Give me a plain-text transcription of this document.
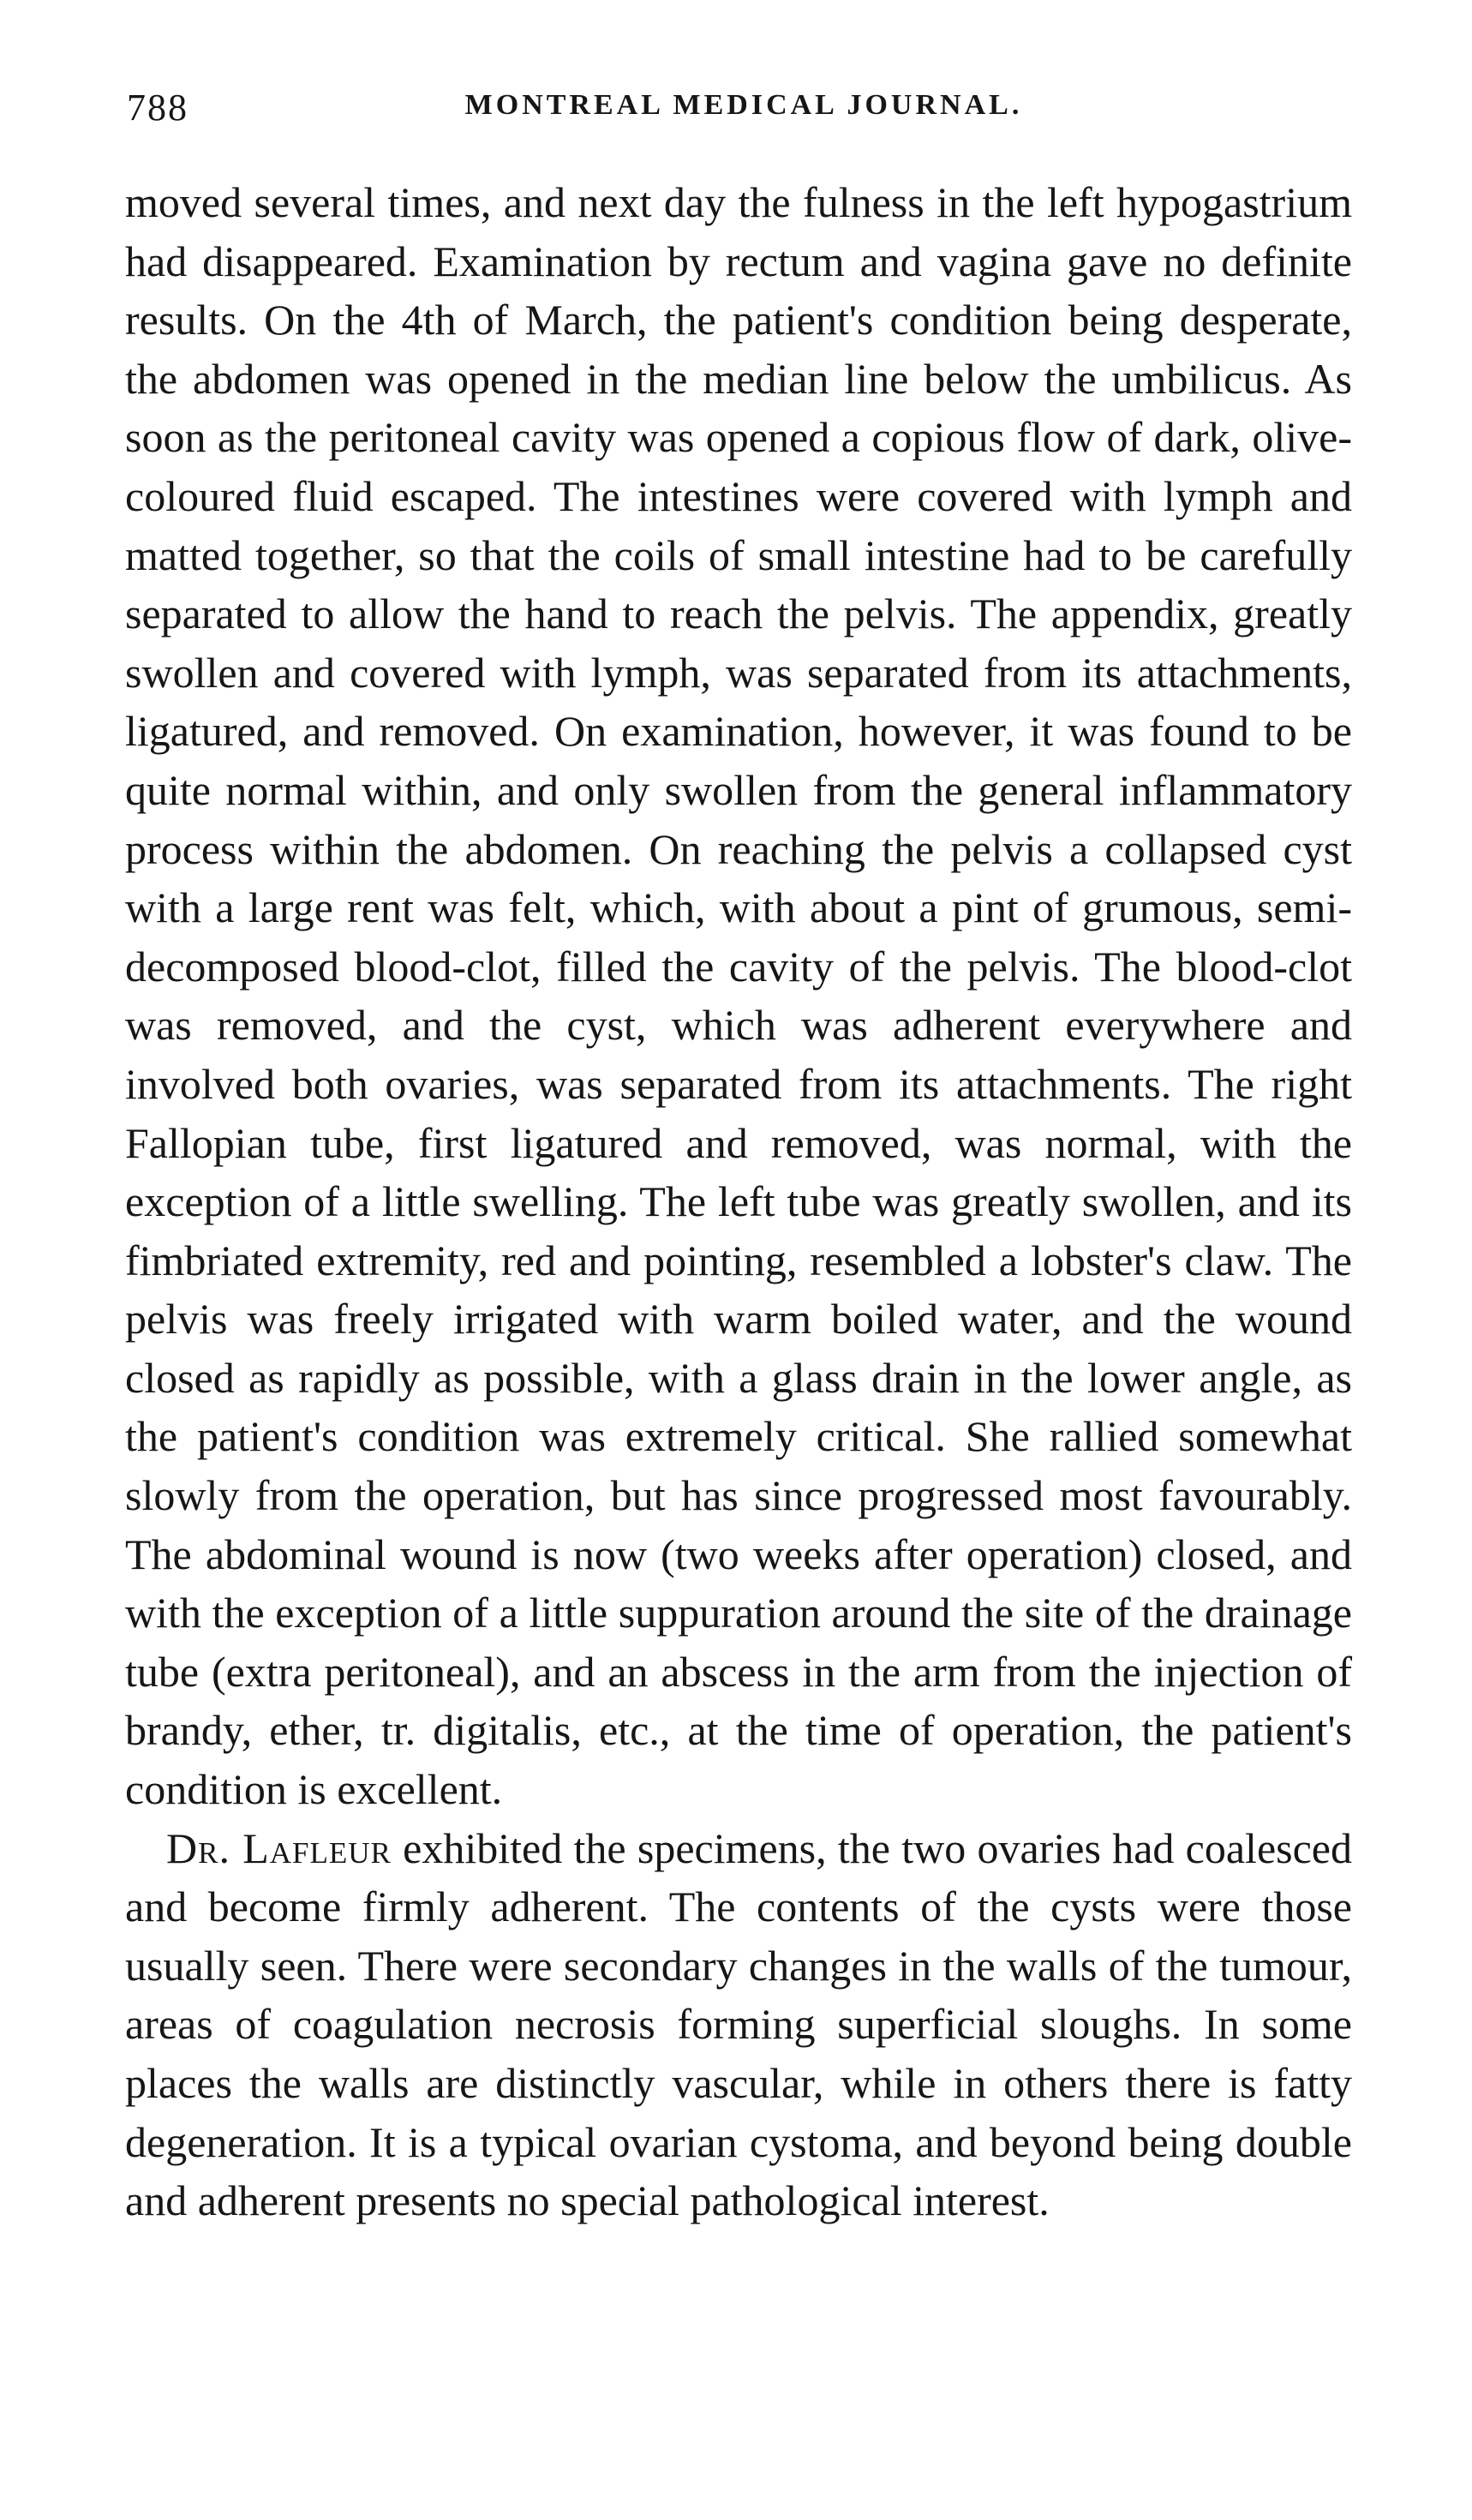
788	MONTREAL MEDICAL JOURNAL.

moved several times, and next day the fulness in the left hypogastrium had disappeared. Examination by rectum and vagina gave no definite results. On the 4th of March, the patient's condition being desperate, the abdomen was opened in the median line below the umbilicus. As soon as the peritoneal cavity was opened a copious flow of dark, olive-coloured fluid escaped. The intestines were covered with lymph and matted together, so that the coils of small intestine had to be carefully separated to allow the hand to reach the pelvis. The appendix, greatly swollen and covered with lymph, was separated from its attachments, ligatured, and removed. On examination, however, it was found to be quite normal within, and only swollen from the general inflammatory process within the abdomen. On reaching the pelvis a collapsed cyst with a large rent was felt, which, with about a pint of grumous, semi-decomposed blood-clot, filled the cavity of the pelvis. The blood-clot was removed, and the cyst, which was adherent everywhere and involved both ovaries, was separated from its attachments. The right Fallopian tube, first ligatured and removed, was normal, with the exception of a little swelling. The left tube was greatly swollen, and its fimbriated extremity, red and pointing, resembled a lobster's claw. The pelvis was freely irrigated with warm boiled water, and the wound closed as rapidly as possible, with a glass drain in the lower angle, as the patient's condition was extremely critical. She rallied somewhat slowly from the operation, but has since progressed most favourably. The abdominal wound is now (two weeks after operation) closed, and with the exception of a little suppuration around the site of the drainage tube (extra peritoneal), and an abscess in the arm from the injection of brandy, ether, tr. digitalis, etc., at the time of operation, the patient's condition is excellent.

Dr. Lafleur exhibited the specimens, the two ovaries had coalesced and become firmly adherent. The contents of the cysts were those usually seen. There were secondary changes in the walls of the tumour, areas of coagulation necrosis forming superficial sloughs. In some places the walls are distinctly vascular, while in others there is fatty degeneration. It is a typical ovarian cystoma, and beyond being double and adherent presents no special pathological interest.
